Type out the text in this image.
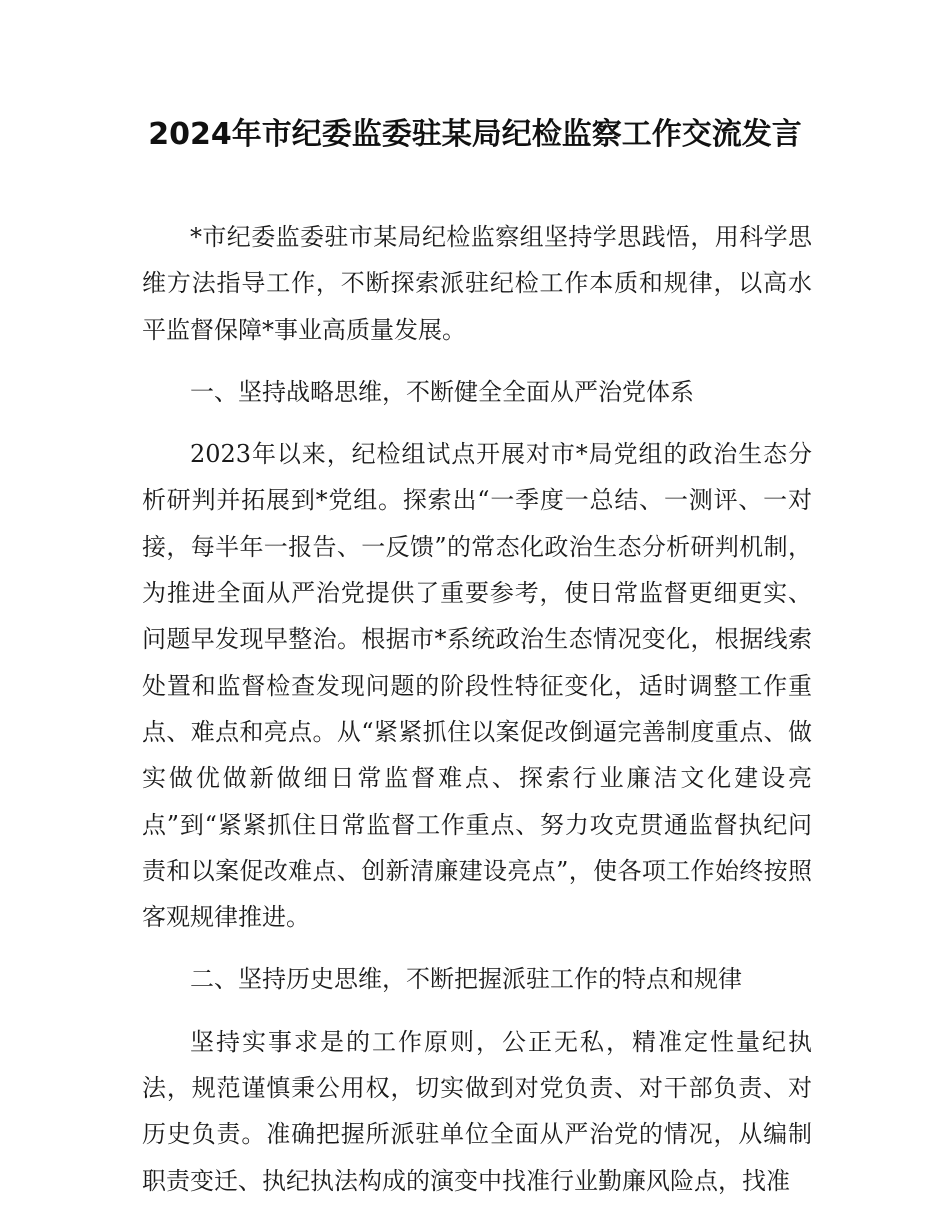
2024年市纪委监委驻某局纪检监察工作交流发言

*市纪委监委驻市某局纪检监察组坚持学思践悟，用科学思维方法指导工作，不断探索派驻纪检工作本质和规律，以高水平监督保障*事业高质量发展。

一、坚持战略思维，不断健全全面从严治党体系

2023年以来，纪检组试点开展对市*局党组的政治生态分析研判并拓展到*党组。探索出“一季度一总结、一测评、一对接，每半年一报告、一反馈”的常态化政治生态分析研判机制，为推进全面从严治党提供了重要参考，使日常监督更细更实、问题早发现早整治。根据市*系统政治生态情况变化，根据线索处置和监督检查发现问题的阶段性特征变化，适时调整工作重点、难点和亮点。从“紧紧抓住以案促改倒逼完善制度重点、做实做优做新做细日常监督难点、探索行业廉洁文化建设亮点”到“紧紧抓住日常监督工作重点、努力攻克贯通监督执纪问责和以案促改难点、创新清廉建设亮点”，使各项工作始终按照客观规律推进。

二、坚持历史思维，不断把握派驻工作的特点和规律

坚持实事求是的工作原则，公正无私，精准定性量纪执法，规范谨慎秉公用权，切实做到对党负责、对干部负责、对历史负责。准确把握所派驻单位全面从严治党的情况，从编制职责变迁、执纪执法构成的演变中找准行业勤廉风险点，找准
